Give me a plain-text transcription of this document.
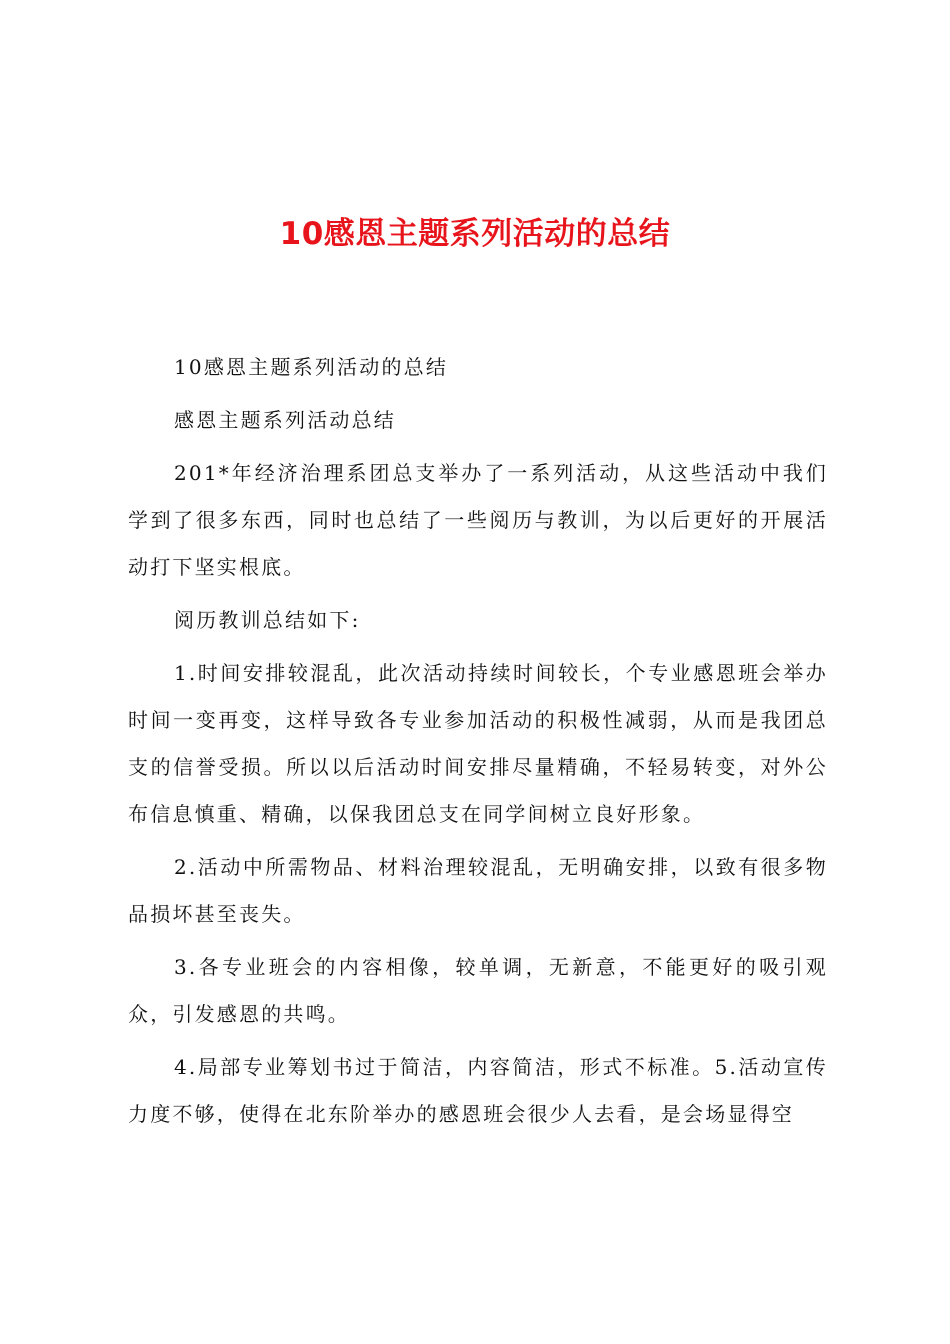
10感恩主题系列活动的总结

10感恩主题系列活动的总结

感恩主题系列活动总结

201*年经济治理系团总支举办了一系列活动，从这些活动中我们学到了很多东西，同时也总结了一些阅历与教训，为以后更好的开展活动打下坚实根底。

阅历教训总结如下:

1.时间安排较混乱，此次活动持续时间较长，个专业感恩班会举办时间一变再变，这样导致各专业参加活动的积极性减弱，从而是我团总支的信誉受损。所以以后活动时间安排尽量精确，不轻易转变，对外公布信息慎重、精确，以保我团总支在同学间树立良好形象。

2.活动中所需物品、材料治理较混乱，无明确安排，以致有很多物品损坏甚至丧失。

3.各专业班会的内容相像，较单调，无新意，不能更好的吸引观众，引发感恩的共鸣。

4.局部专业筹划书过于简洁，内容简洁，形式不标准。5.活动宣传力度不够，使得在北东阶举办的感恩班会很少人去看，是会场显得空
